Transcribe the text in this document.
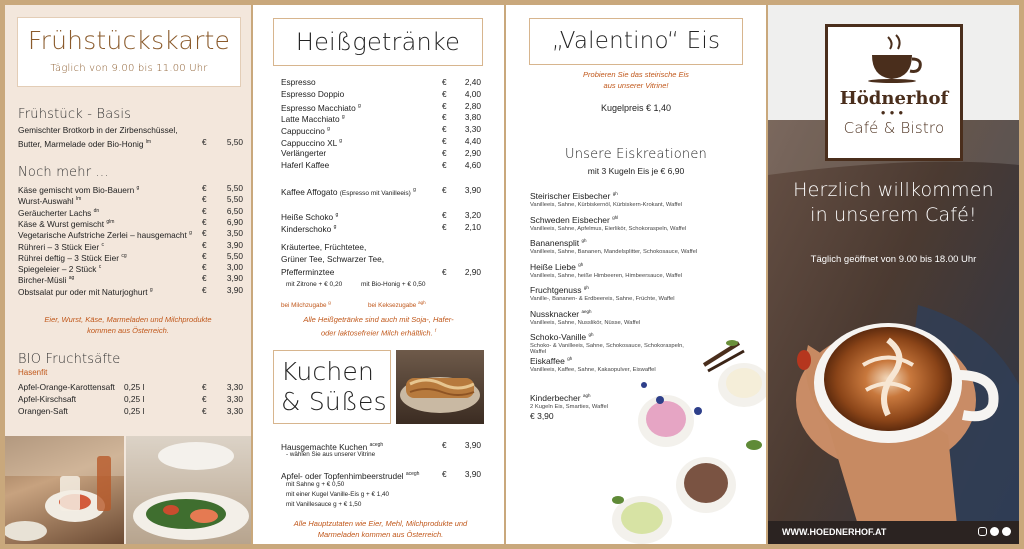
Frühstückskarte
Täglich von 9.00 bis 11.00 Uhr
Frühstück - Basis
Gemischter Brotkorb in der Zirbenschüssel,
Butter, Marmelade oder Bio-Honig $^{lm}$	€	5,50
Noch mehr ...
Eier, Wurst, Käse, Marmeladen und Milchprodukte
kommen aus Österreich.
BIO Fruchtsäfte
Hasenfit
Käse gemischt vom Bio-Bauern $^g$	€	5,50
Wurst-Auswahl $^{lm}$	€	5,50
Geräucherter Lachs $^{dn}$	€	6,50
Käse & Wurst gemischt $^{glm}$	€	6,90
Vegetarische Aufstriche Zerlei – hausgemacht $^g$ €	3,50
Rühreri – 3 Stück Eier $^c$	€	3,90
Rührei deftig – 3 Stück Eier $^{cg}$	€	5,50
Spiegeleier – 2 Stück $^c$	€	3,00
Bircher-Müsli $^{ag}$	€	3,90
Obstsalat pur oder mit Naturjoghurt $^g$	€	3,90
Apfel-Orange-Karottensaft 0,25 l	€	3,30
Apfel-Kirschsaft	0,25 l	€	3,30
Orangen-Saft	0,25 l	€	3,30
Heißgetränke
Kaffee Affogato (Espresso mit Vanilleeis) $^g$	€	3,90
Kräutertee, Früchtetee,
Grüner Tee, Schwarzer Tee,
Pfefferminztee	€	2,90
mit Zitrone + € 0,20	mit Bio-Honig + € 0,50
bei Milchzugabe $^g$	bei Keksezugabe $^{agh}$
Alle Heißgetränke sind auch mit Soja-, Hafer-
oder laktosefreier Milch erhältlich. $^f$
Kuchen
& Süßes
Alle Hauptzutaten wie Eier, Mehl, Milchprodukte und
Marmeladen kommen aus Österreich.
Espresso	€	2,40
Espresso Doppio	€	4,00
Espresso Macchiato $^g$	€	2,80
Latte Macchiato $^g$	€	3,80
Cappuccino $^g$	€	3,30
Cappuccino XL $^g$	€	4,40
Verlängerter	€	2,90
Haferl Kaffee	€	4,60
Heiße Schoko $^g$	€	3,20
Kinderschoko $^g$	€	2,10
Hausgemachte Kuchen $^{acegh}$	€	3,90
- wählen Sie aus unserer Vitrine
Apfel- oder Topfenhimbeerstrudel $^{acegh}$	€	3,90
mit Sahne g + € 0,50
mit einer Kugel Vanille-Eis g + € 1,40
mit Vanillesauce g + € 1,50
„Valentino“ Eis
Probieren Sie das steirische Eis
aus unserer Vitrine!
Kugelpreis € 1,40
Unsere Eiskreationen
mit 3 Kugeln Eis je € 6,90
Kinderbecher $^{agh}$
2 Kugeln Eis, Smarties, Waffel
€ 3,90
Steirischer Eisbecher $^{gh}$
Vanilleeis, Sahne, Kürbiskernöl, Kürbiskern-Krokant, Waffel
Schweden Eisbecher $^{ghl}$
Vanilleeis, Sahne, Apfelmus, Eierlikör, Schokoraspeln, Waffel
Bananensplit $^{gh}$
Vanilleeis, Sahne, Bananen, Mandelsplitter, Schokosauce, Waffel
Heiße Liebe $^{gh}$
Vanilleeis, Sahne, heiße Himbeeren, Himbeersauce, Waffel
Fruchtgenuss $^{gh}$
Vanille-, Bananen- & Erdbeereis, Sahne, Früchte, Waffel
Nussknacker $^{aegh}$
Vanilleeis, Sahne, Nusslikör, Nüsse, Waffel
Schoko-Vanille $^{gh}$
Schoko- & Vanilleeis, Sahne, Schokosauce, Schokoraspeln, Waffel
Eiskaffee $^{gh}$
Vanilleeis, Kaffee, Sahne, Kakaopulver, Eiswaffel
Hödnerhof
●●●
Café & Bistro
Herzlich willkommen
in unserem Café!
Täglich geöffnet von 9.00 bis 18.00 Uhr
WWW.HOEDNERHOF.AT
